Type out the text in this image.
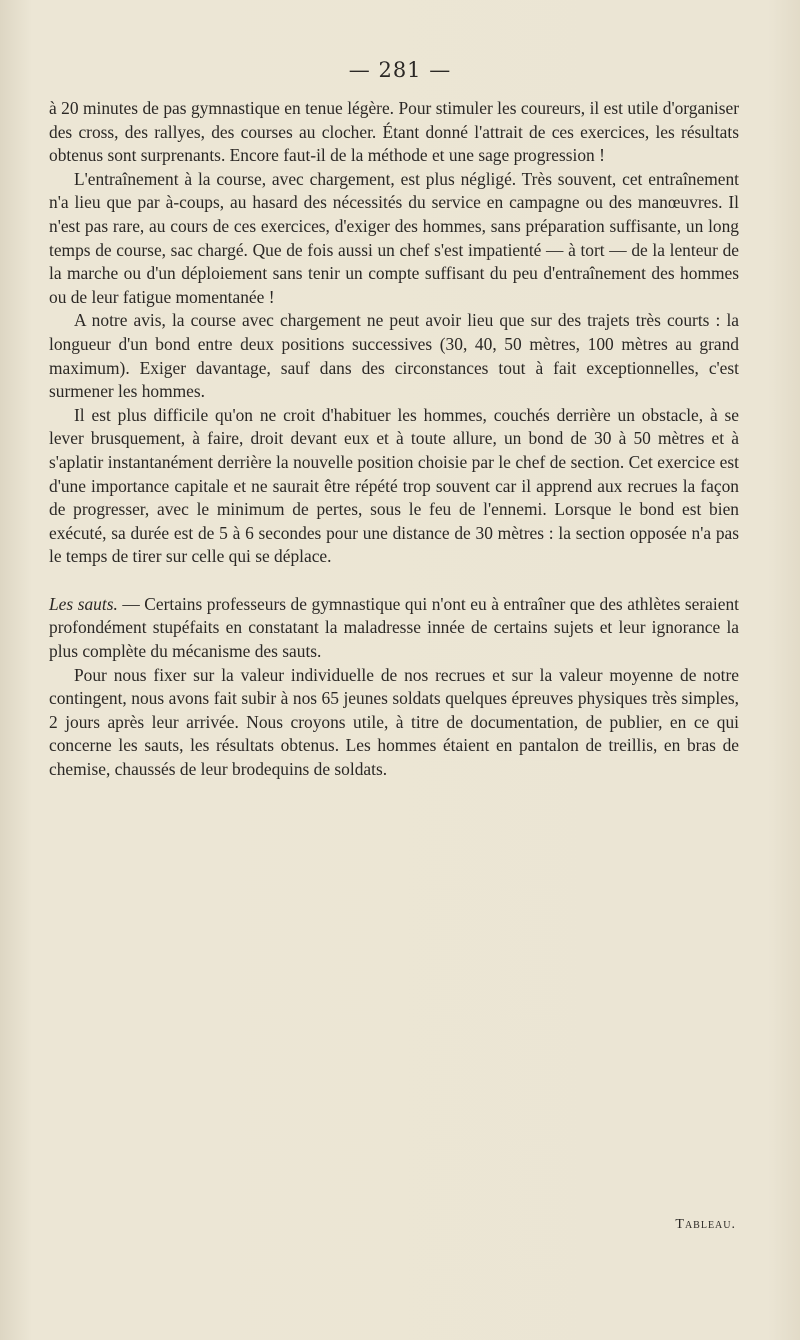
— 281 —

à 20 minutes de pas gymnastique en tenue légère. Pour stimuler les coureurs, il est utile d'organiser des cross, des rallyes, des courses au clocher. Étant donné l'attrait de ces exercices, les résultats obtenus sont surprenants. Encore faut-il de la méthode et une sage progression !

L'entraînement à la course, avec chargement, est plus négligé. Très souvent, cet entraînement n'a lieu que par à-coups, au hasard des nécessités du service en campagne ou des manœuvres. Il n'est pas rare, au cours de ces exercices, d'exiger des hommes, sans préparation suffisante, un long temps de course, sac chargé. Que de fois aussi un chef s'est impatienté — à tort — de la lenteur de la marche ou d'un déploiement sans tenir un compte suffisant du peu d'entraînement des hommes ou de leur fatigue momentanée !

A notre avis, la course avec chargement ne peut avoir lieu que sur des trajets très courts : la longueur d'un bond entre deux positions successives (30, 40, 50 mètres, 100 mètres au grand maximum). Exiger davantage, sauf dans des circonstances tout à fait exceptionnelles, c'est surmener les hommes.

Il est plus difficile qu'on ne croit d'habituer les hommes, couchés derrière un obstacle, à se lever brusquement, à faire, droit devant eux et à toute allure, un bond de 30 à 50 mètres et à s'aplatir instantanément derrière la nouvelle position choisie par le chef de section. Cet exercice est d'une importance capitale et ne saurait être répété trop souvent car il apprend aux recrues la façon de progresser, avec le minimum de pertes, sous le feu de l'ennemi. Lorsque le bond est bien exécuté, sa durée est de 5 à 6 secondes pour une distance de 30 mètres : la section opposée n'a pas le temps de tirer sur celle qui se déplace.

Les sauts. — Certains professeurs de gymnastique qui n'ont eu à entraîner que des athlètes seraient profondément stupéfaits en constatant la maladresse innée de certains sujets et leur ignorance la plus complète du mécanisme des sauts.

Pour nous fixer sur la valeur individuelle de nos recrues et sur la valeur moyenne de notre contingent, nous avons fait subir à nos 65 jeunes soldats quelques épreuves physiques très simples, 2 jours après leur arrivée. Nous croyons utile, à titre de documentation, de publier, en ce qui concerne les sauts, les résultats obtenus. Les hommes étaient en pantalon de treillis, en bras de chemise, chaussés de leur brodequins de soldats.

Tableau.
